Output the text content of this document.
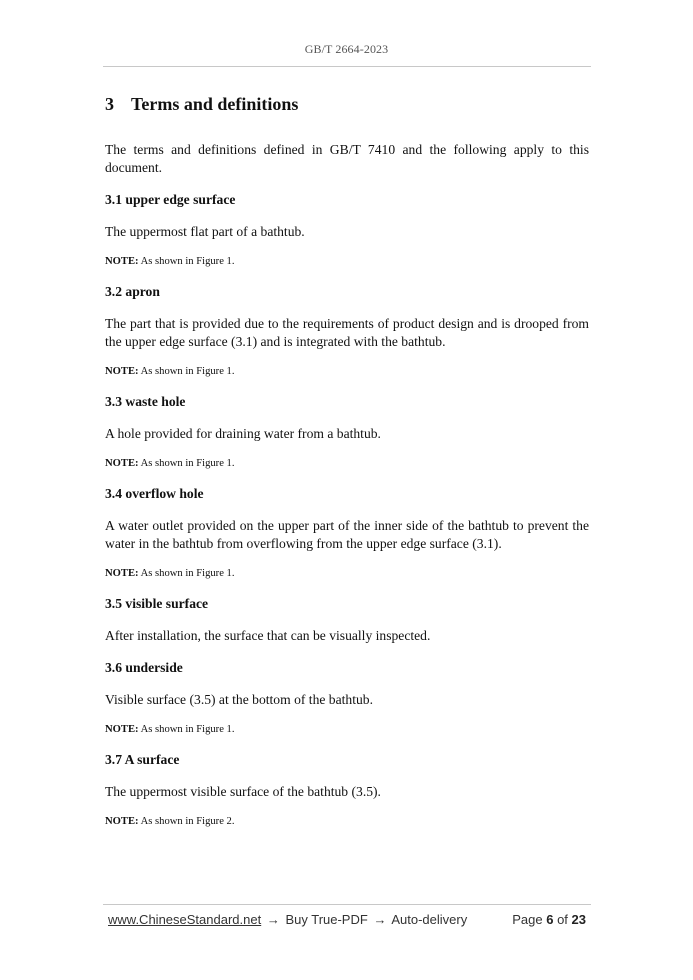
GB/T 2664-2023
3 Terms and definitions

The terms and definitions defined in GB/T 7410 and the following apply to this document.

3.1 upper edge surface

The uppermost flat part of a bathtub.

NOTE: As shown in Figure 1.

3.2 apron

The part that is provided due to the requirements of product design and is drooped from the upper edge surface (3.1) and is integrated with the bathtub.

NOTE: As shown in Figure 1.

3.3 waste hole

A hole provided for draining water from a bathtub.

NOTE: As shown in Figure 1.

3.4 overflow hole

A water outlet provided on the upper part of the inner side of the bathtub to prevent the water in the bathtub from overflowing from the upper edge surface (3.1).

NOTE: As shown in Figure 1.

3.5 visible surface

After installation, the surface that can be visually inspected.

3.6 underside

Visible surface (3.5) at the bottom of the bathtub.

NOTE: As shown in Figure 1.

3.7 A surface

The uppermost visible surface of the bathtub (3.5).

NOTE: As shown in Figure 2.

www.ChineseStandard.net → Buy True-PDF → Auto-delivery	Page 6 of 23
